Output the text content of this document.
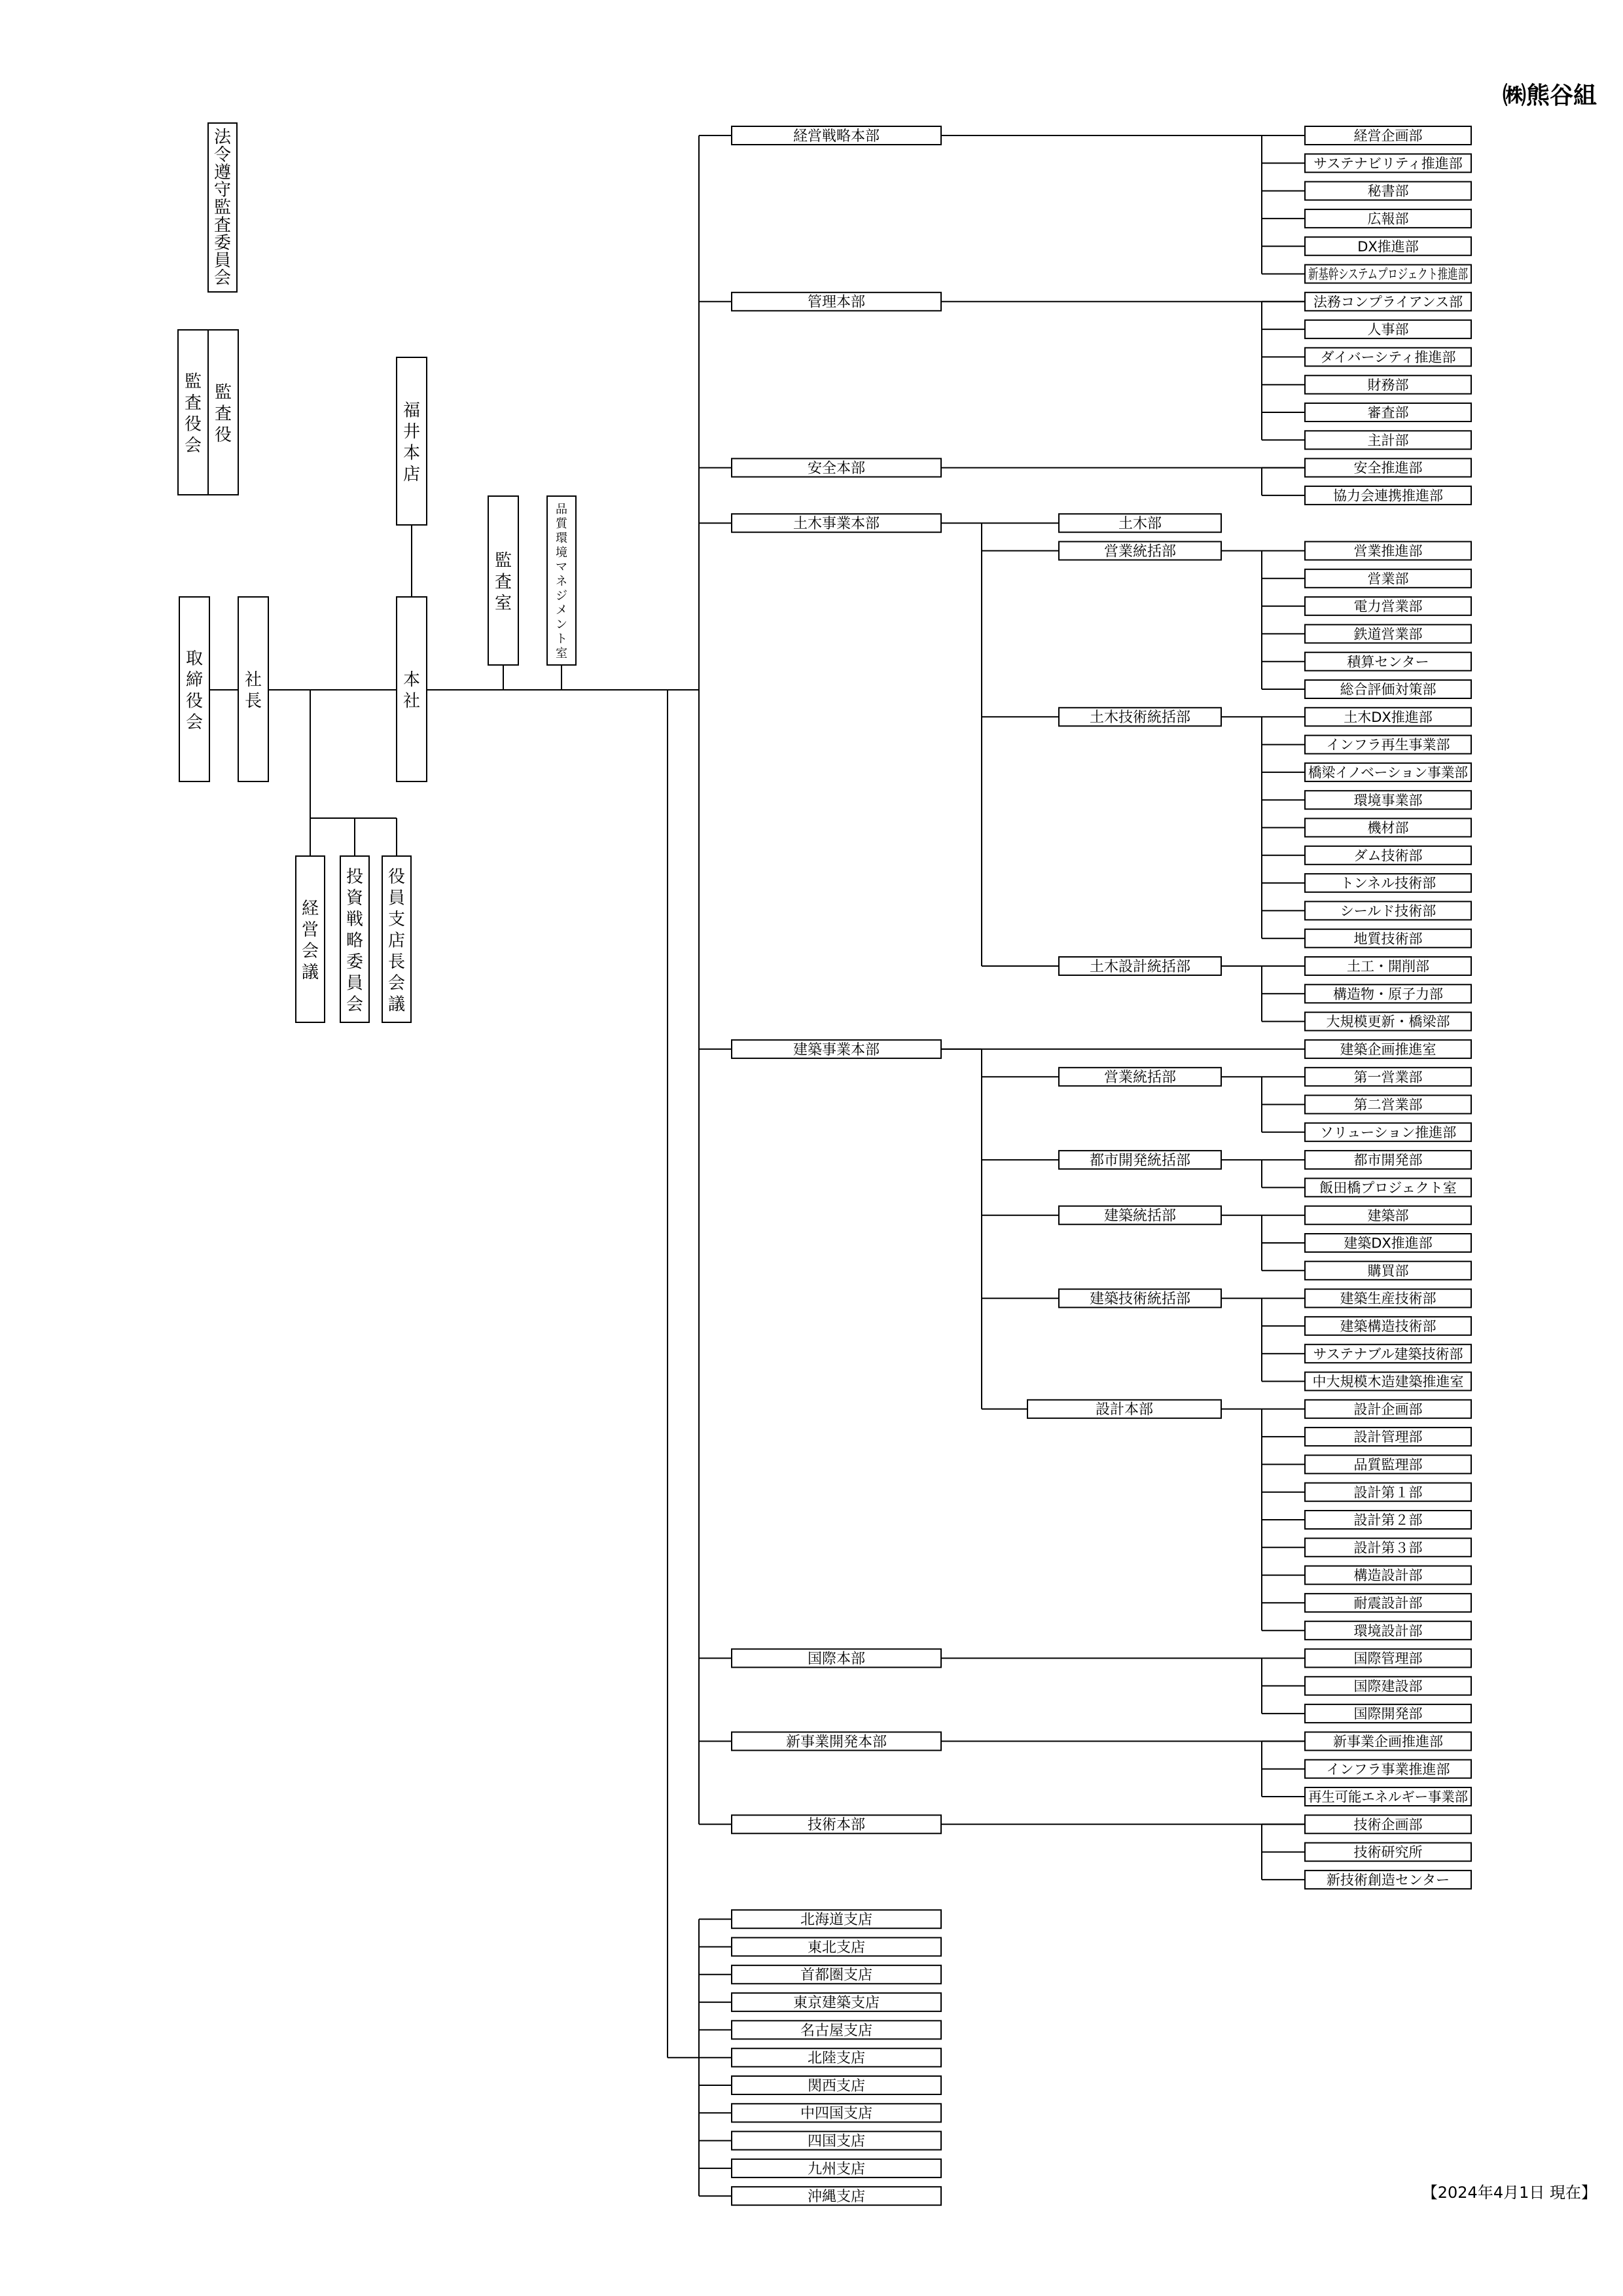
㈱熊谷組
【2024年4月1日 現在】
法
令
遵
守
監
査
委
員
会
監
査
役
会
監
査
役
取
締
役
会
社
長
福
井
本
店
本
社
監
査
室
品
質
環
境
マ
ネ
ジ
メ
ン
ト
室
経
営
会
議
投
資
戦
略
委
員
会
役
員
支
店
長
会
議
経営戦略本部	経営企画部
サステナビリティ推進部
秘書部
広報部
DX推進部
新基幹システムプロジェクト推進部
管理本部	法務コンプライアンス部
人事部
ダイバーシティ推進部
財務部
審査部
主計部
安全本部	安全推進部
協力会連携推進部
土木事業本部	土木部
営業統括部	営業推進部
営業部
電力営業部
鉄道営業部
積算センター
総合評価対策部
土木技術統括部	土木DX推進部
インフラ再生事業部
橋梁イノベーション事業部
環境事業部
機材部
ダム技術部
トンネル技術部
シールド技術部
地質技術部
土木設計統括部	土工・開削部
構造物・原子力部
大規模更新・橋梁部
建築事業本部	建築企画推進室
営業統括部	第一営業部
第二営業部
ソリューション推進部
都市開発統括部	都市開発部
飯田橋プロジェクト室
建築統括部	建築部
建築DX推進部
購買部
建築技術統括部	建築生産技術部
建築構造技術部
サステナブル建築技術部
中大規模木造建築推進室
設計本部	設計企画部
設計管理部
品質監理部
設計第１部
設計第２部
設計第３部
構造設計部
耐震設計部
環境設計部
国際本部	国際管理部
国際建設部
国際開発部
新事業開発本部	新事業企画推進部
インフラ事業推進部
再生可能エネルギー事業部
技術本部	技術企画部
技術研究所
新技術創造センター
北海道支店
東北支店
首都圏支店
東京建築支店
名古屋支店
北陸支店
関西支店
中四国支店
四国支店
九州支店
沖縄支店
